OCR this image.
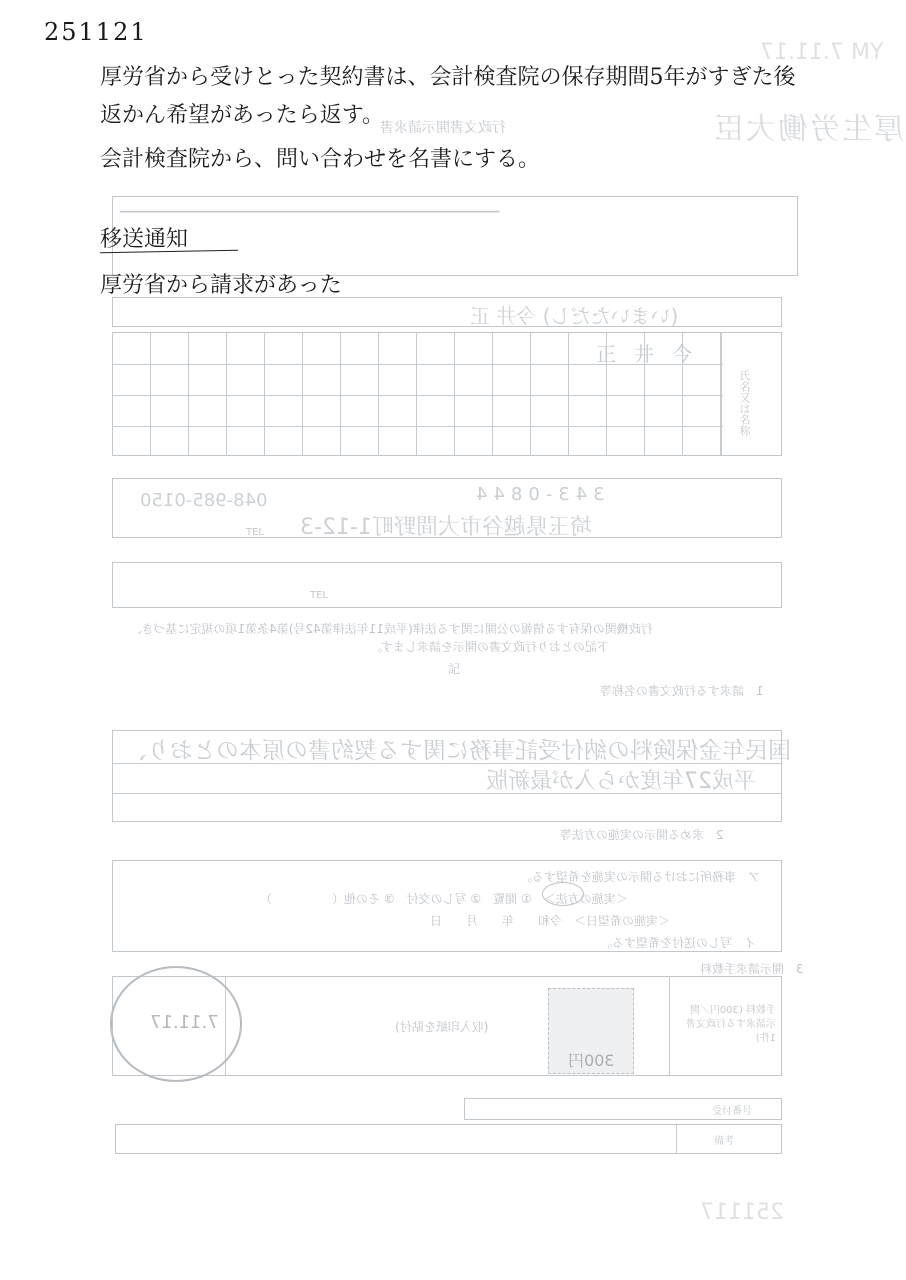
厚生労働大臣
YM 7.11.17
行政文書開示請求書
━━━━━━━━━━━━━━━━━━━━━━━━━━━━━━━━━━━━━━━━━━━━━━━━━━━━━━━━━━━━━━━
(いまいただし) 今井 正
今
井
正
氏名又は名称
343-0844
048-985-0150
埼玉県越谷市大間野町1-12-3
TEL
TEL
行政機関の保有する情報の公開に関する法律(平成11年法律第42号)第4条第1項の規定に基づき、
下記のとおり行政文書の開示を請求します。
記
1　請求する行政文書の名称等
国民年金保険料の納付受託事務に関する契約書の原本のとおり、
平成27年度から入が最新版
2　求める開示の実施の方法等
ア　事務所における開示の実施を希望する。
＜実施の方法＞　① 閲覧　② 写しの交付　③ その他（　　　　　）
＜実施の希望日＞　令和　　年　　月　　日
イ　写しの送付を希望する。
3　開示請求手数料
(収入印紙を貼付)
300円
手数料 (300円／開示請求する行政文書1件)
7.11.17
受付番号
備考
251117
251121
厚労省から受けとった契約書は、会計検査院の保存期間5年がすぎた後
返かん希望があったら返す。
会計検査院から、問い合わせを名書にする。
移送通知
厚労省から請求があった
